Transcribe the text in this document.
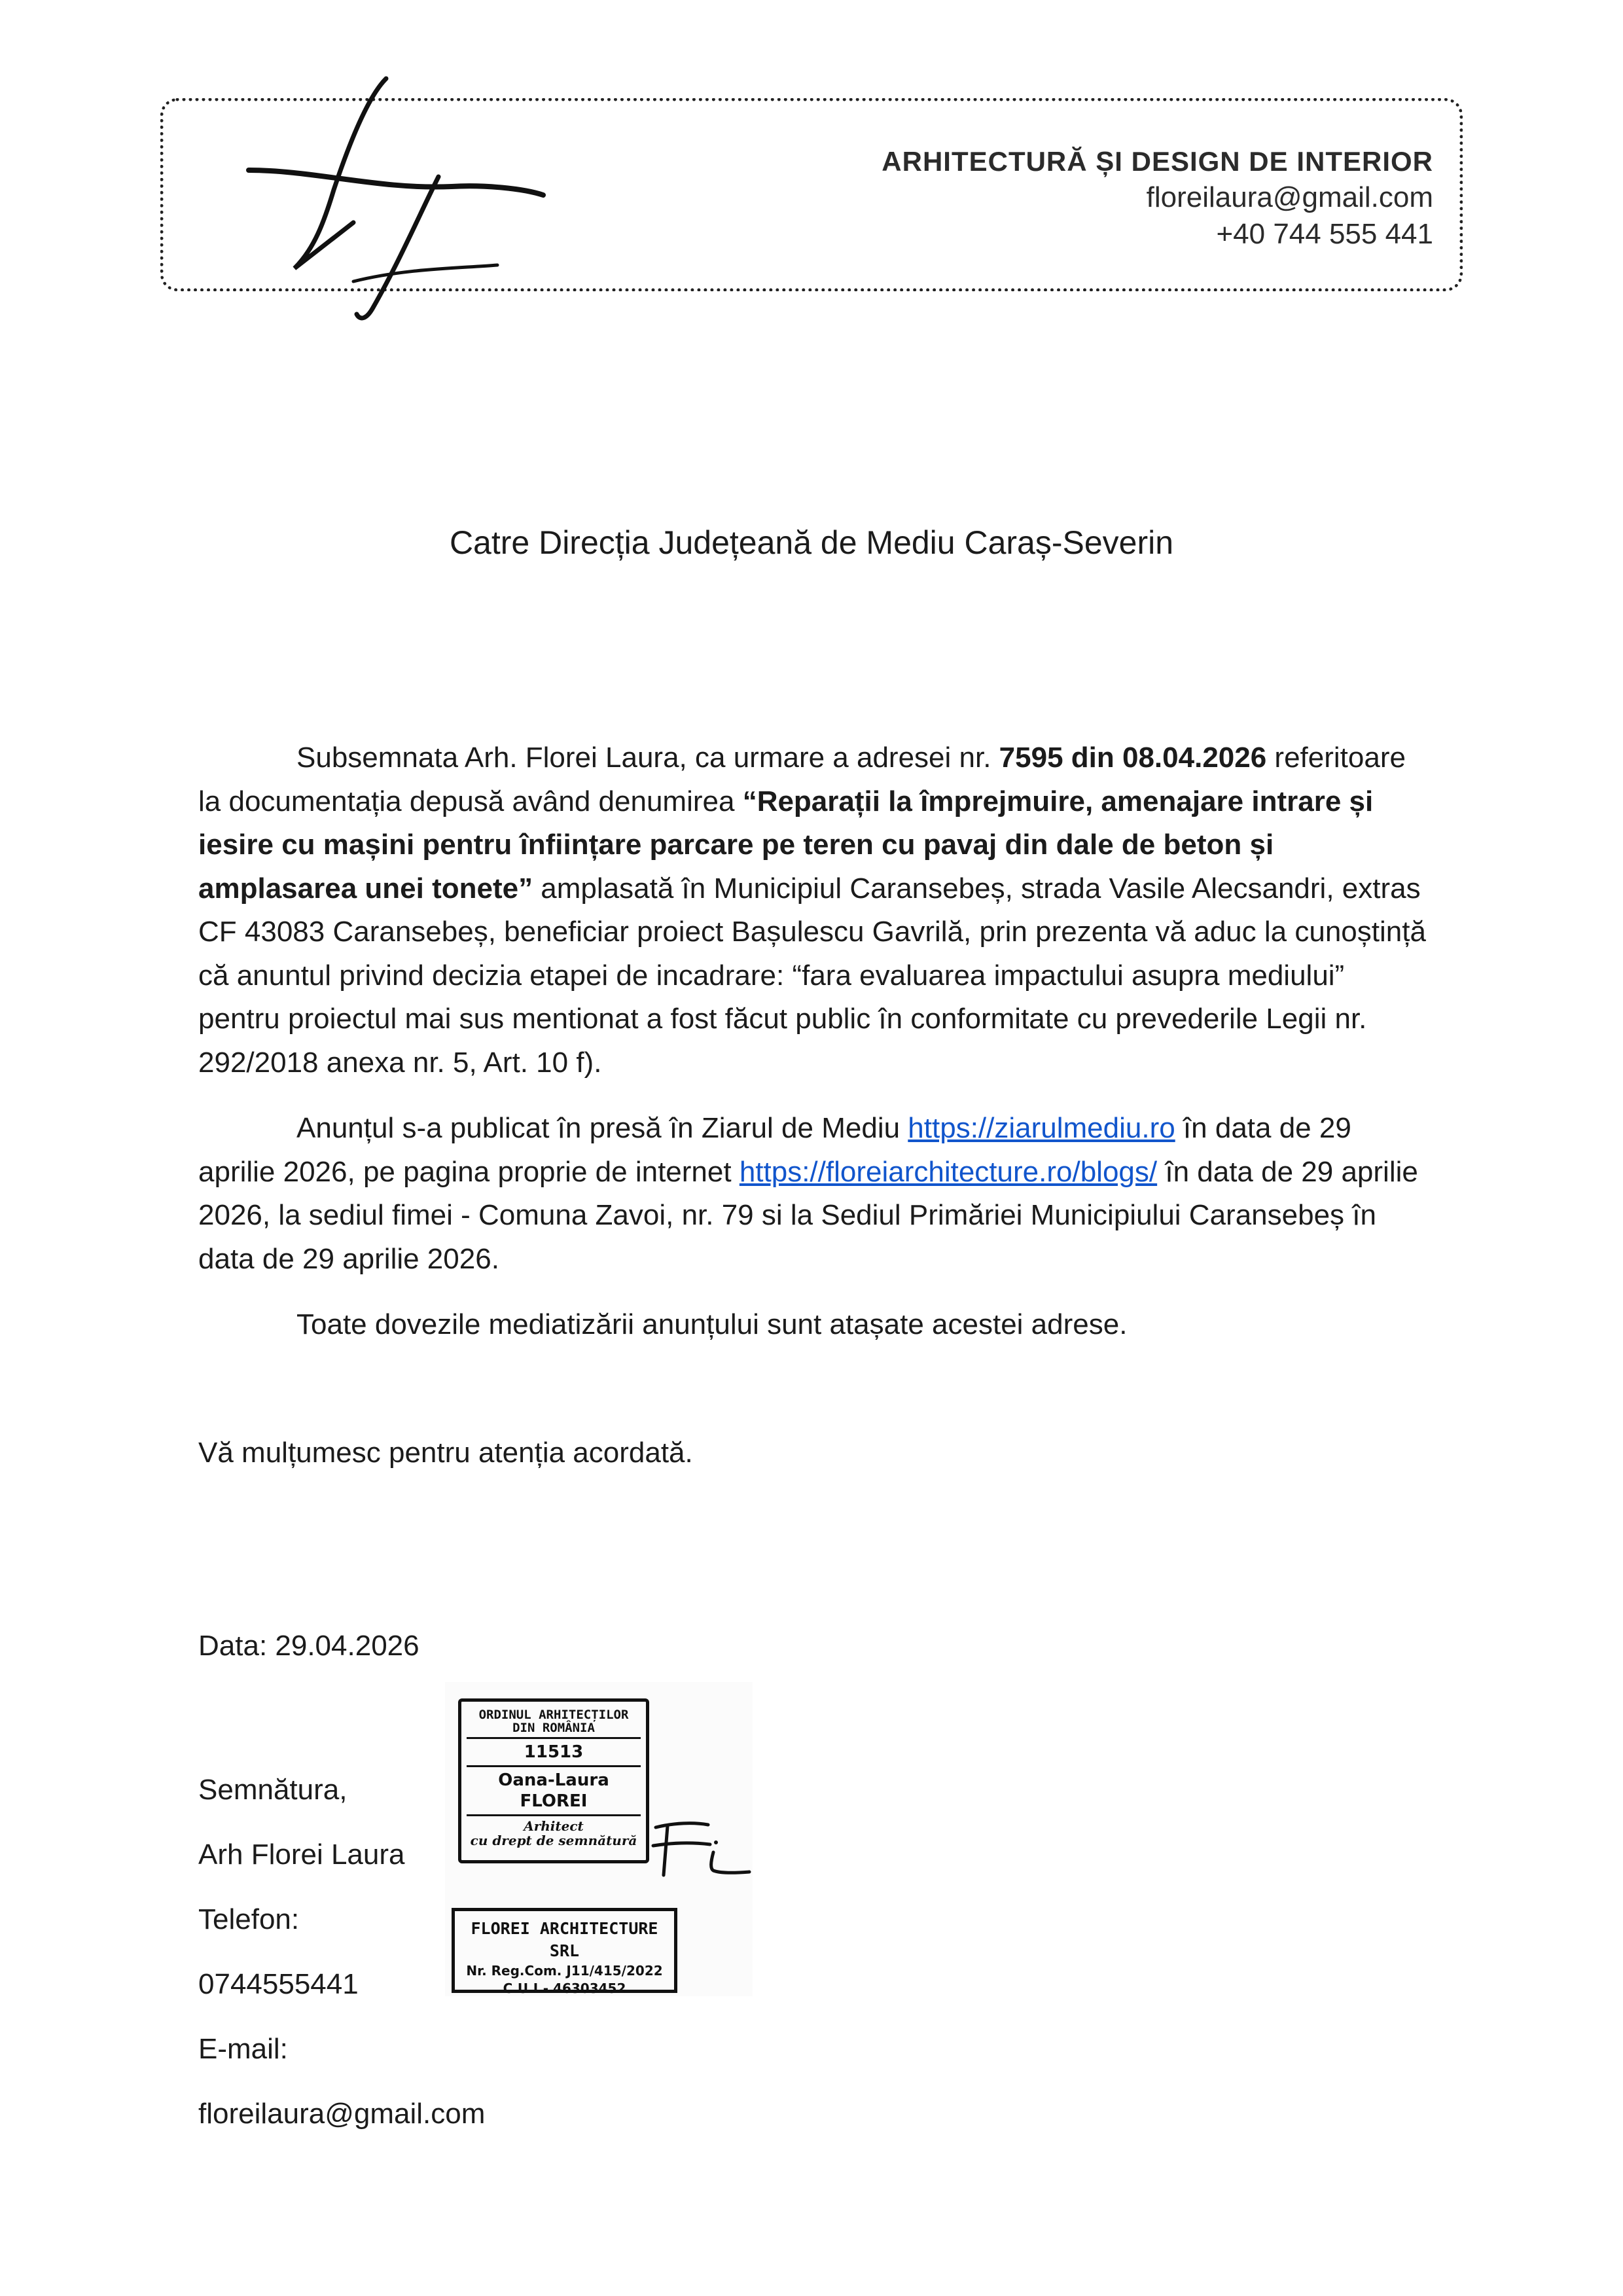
ARHITECTURĂ ȘI DESIGN DE INTERIOR
floreilaura@gmail.com
+40 744 555 441
Catre Direcția Județeană de Mediu Caraș-Severin

Subsemnata Arh. Florei Laura, ca urmare a adresei nr. 7595 din 08.04.2026 referitoare la documentația depusă având denumirea “Reparații la împrejmuire, amenajare intrare și iesire cu mașini pentru înființare parcare pe teren cu pavaj din dale de beton și amplasarea unei tonete” amplasată în Municipiul Caransebeș, strada Vasile Alecsandri, extras CF 43083 Caransebeș, beneficiar proiect Bașulescu Gavrilă, prin prezenta vă aduc la cunoștință că anuntul privind decizia etapei de incadrare: “fara evaluarea impactului asupra mediului” pentru proiectul mai sus mentionat a fost făcut public în conformitate cu prevederile Legii nr. 292/2018 anexa nr. 5, Art. 10 f).

Anunțul s-a publicat în presă în Ziarul de Mediu https://ziarulmediu.ro în data de 29 aprilie 2026, pe pagina proprie de internet https://floreiarchitecture.ro/blogs/ în data de 29 aprilie 2026, la sediul fimei - Comuna Zavoi, nr. 79 si la Sediul Primăriei Municipiului Caransebeș în data de 29 aprilie 2026.

Toate dovezile mediatizării anunțului sunt atașate acestei adrese.

Vă mulțumesc pentru atenția acordată.
Data: 29.04.2026
Semnătura,
Arh Florei Laura
Telefon:
0744555441
E-mail:
floreilaura@gmail.com
ORDINUL ARHITECȚILOR
DIN ROMÂNIA
11513
Oana-Laura
FLOREI
Arhitect
cu drept de semnătură
FLOREI ARCHITECTURE SRL
Nr. Reg.Com. J11/415/2022
C.U.I.- 46303452
